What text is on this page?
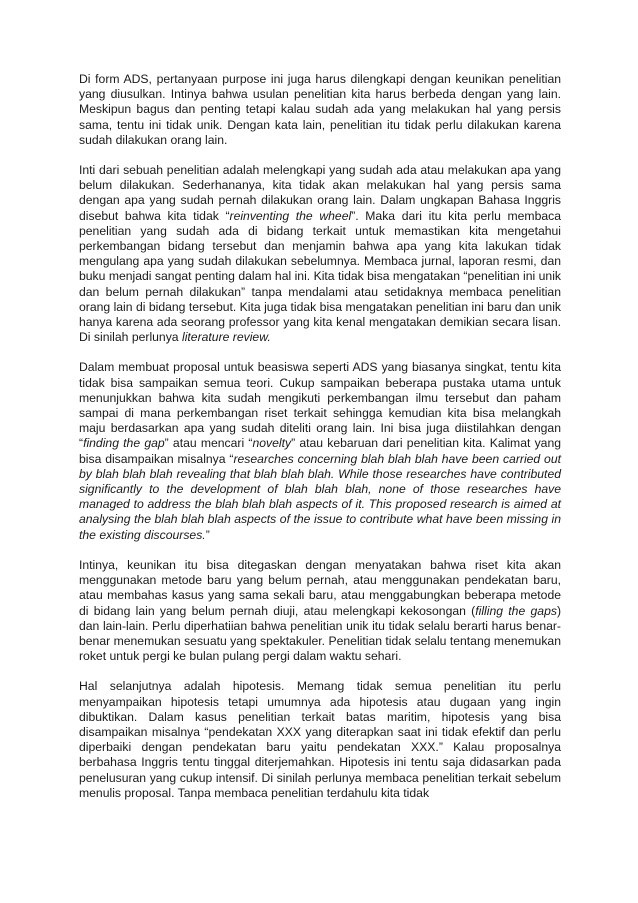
Di form ADS, pertanyaan purpose ini juga harus dilengkapi dengan keunikan penelitian yang diusulkan. Intinya bahwa usulan penelitian kita harus berbeda dengan yang lain. Meskipun bagus dan penting tetapi kalau sudah ada yang melakukan hal yang persis sama, tentu ini tidak unik. Dengan kata lain, penelitian itu tidak perlu dilakukan karena sudah dilakukan orang lain.

Inti dari sebuah penelitian adalah melengkapi yang sudah ada atau melakukan apa yang belum dilakukan. Sederhananya, kita tidak akan melakukan hal yang persis sama dengan apa yang sudah pernah dilakukan orang lain. Dalam ungkapan Bahasa Inggris disebut bahwa kita tidak “reinventing the wheel”. Maka dari itu kita perlu membaca penelitian yang sudah ada di bidang terkait untuk memastikan kita mengetahui perkembangan bidang tersebut dan menjamin bahwa apa yang kita lakukan tidak mengulang apa yang sudah dilakukan sebelumnya. Membaca jurnal, laporan resmi, dan buku menjadi sangat penting dalam hal ini. Kita tidak bisa mengatakan “penelitian ini unik dan belum pernah dilakukan” tanpa mendalami atau setidaknya membaca penelitian orang lain di bidang tersebut. Kita juga tidak bisa mengatakan penelitian ini baru dan unik hanya karena ada seorang professor yang kita kenal mengatakan demikian secara lisan. Di sinilah perlunya literature review.

Dalam membuat proposal untuk beasiswa seperti ADS yang biasanya singkat, tentu kita tidak bisa sampaikan semua teori. Cukup sampaikan beberapa pustaka utama untuk menunjukkan bahwa kita sudah mengikuti perkembangan ilmu tersebut dan paham sampai di mana perkembangan riset terkait sehingga kemudian kita bisa melangkah maju berdasarkan apa yang sudah diteliti orang lain. Ini bisa juga diistilahkan dengan “finding the gap” atau mencari “novelty” atau kebaruan dari penelitian kita. Kalimat yang bisa disampaikan misalnya “researches concerning blah blah blah have been carried out by blah blah blah revealing that blah blah blah. While those researches have contributed significantly to the development of blah blah blah, none of those researches have managed to address the blah blah blah aspects of it. This proposed research is aimed at analysing the blah blah blah aspects of the issue to contribute what have been missing in the existing discourses.”

Intinya, keunikan itu bisa ditegaskan dengan menyatakan bahwa riset kita akan menggunakan metode baru yang belum pernah, atau menggunakan pendekatan baru, atau membahas kasus yang sama sekali baru, atau menggabungkan beberapa metode di bidang lain yang belum pernah diuji, atau melengkapi kekosongan (filling the gaps) dan lain-lain. Perlu diperhatiian bahwa penelitian unik itu tidak selalu berarti harus benar-benar menemukan sesuatu yang spektakuler. Penelitian tidak selalu tentang menemukan roket untuk pergi ke bulan pulang pergi dalam waktu sehari.

Hal selanjutnya adalah hipotesis. Memang tidak semua penelitian itu perlu menyampaikan hipotesis tetapi umumnya ada hipotesis atau dugaan yang ingin dibuktikan. Dalam kasus penelitian terkait batas maritim, hipotesis yang bisa disampaikan misalnya “pendekatan XXX yang diterapkan saat ini tidak efektif dan perlu diperbaiki dengan pendekatan baru yaitu pendekatan XXX.” Kalau proposalnya berbahasa Inggris tentu tinggal diterjemahkan. Hipotesis ini tentu saja didasarkan pada penelusuran yang cukup intensif. Di sinilah perlunya membaca penelitian terkait sebelum menulis proposal. Tanpa membaca penelitian terdahulu kita tidak
